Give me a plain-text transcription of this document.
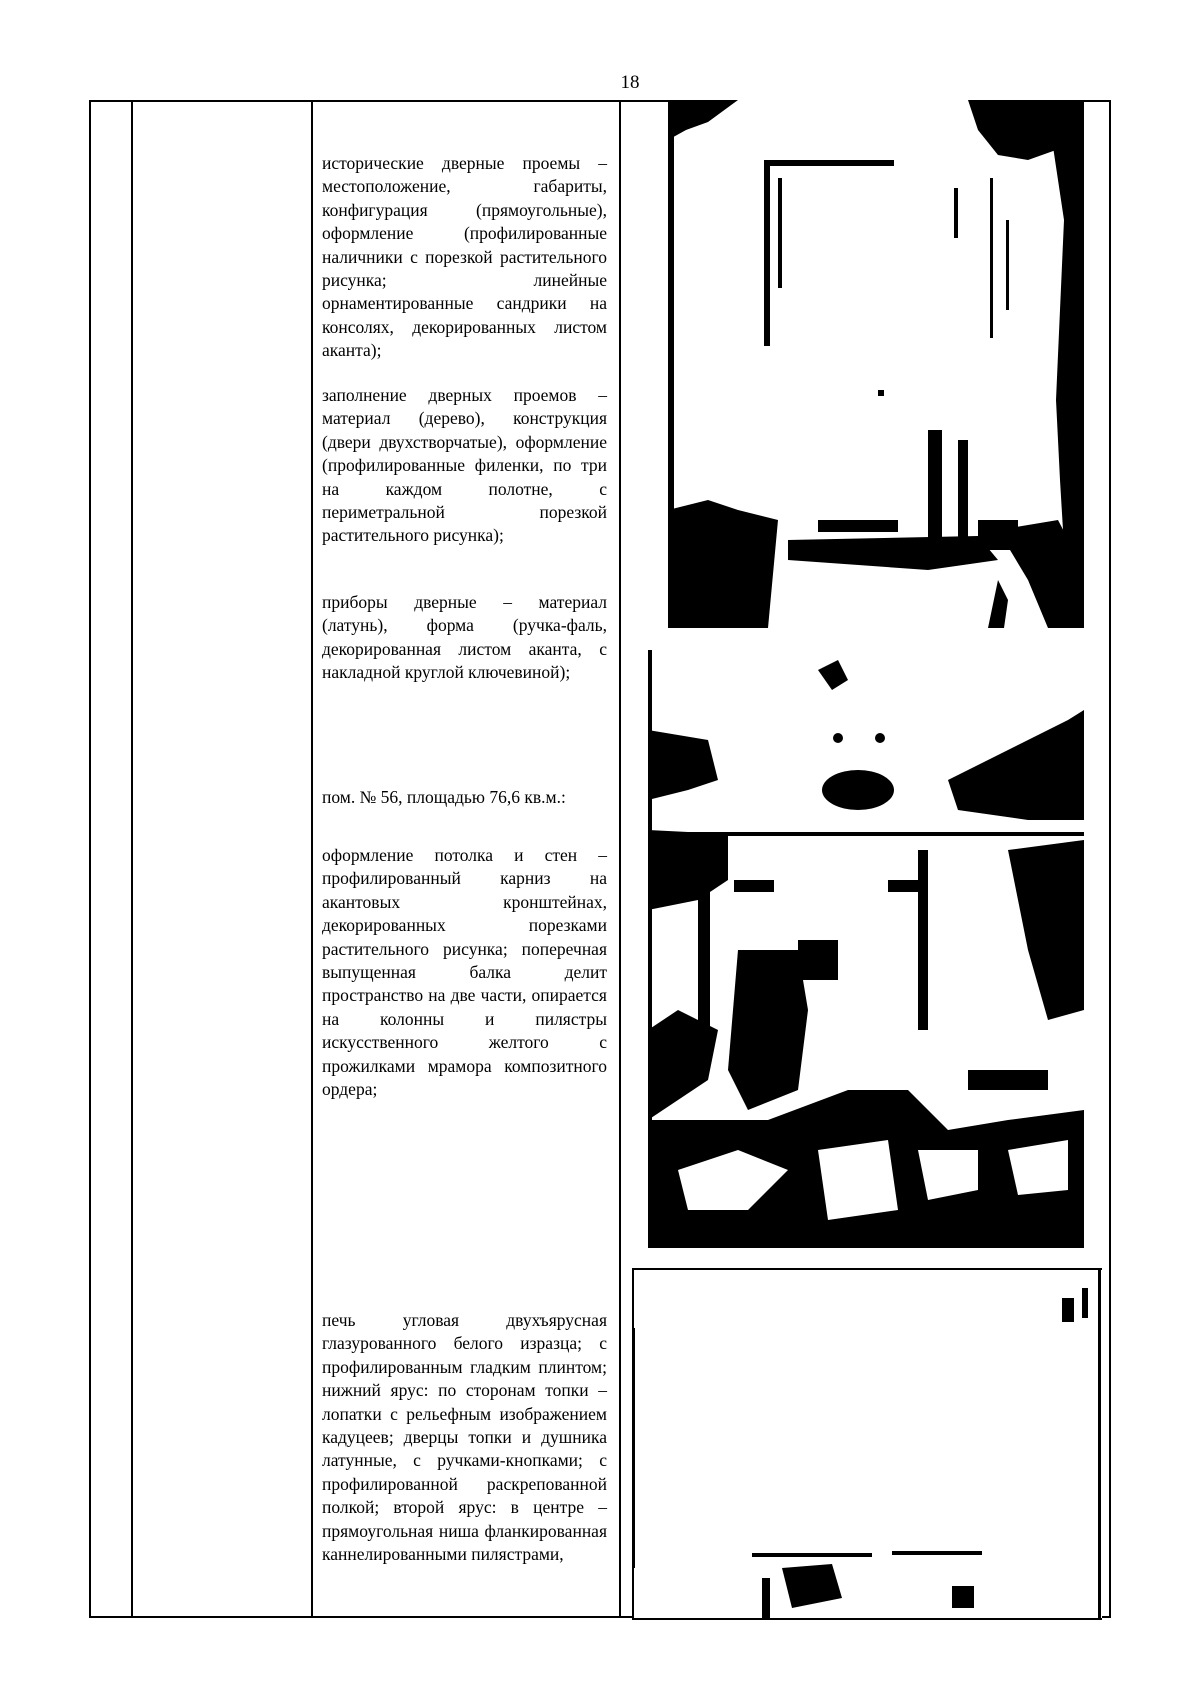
18

исторические дверные проемы – местоположение, габариты, конфигурация (прямоугольные), оформление (профилированные наличники с порезкой растительного рисунка; линейные орнаментированные сандрики на консолях, декорированных листом аканта);

заполнение дверных проемов – материал (дерево), конструкция (двери двухстворчатые), оформление (профилированные филенки, по три на каждом полотне, с периметральной порезкой растительного рисунка);

приборы дверные – материал (латунь), форма (ручка-фаль, декорированная листом аканта, с накладной круглой ключевиной);

пом. № 56, площадью 76,6 кв.м.:

оформление потолка и стен – профилированный карниз на акантовых кронштейнах, декорированных порезками растительного рисунка; поперечная выпущенная балка делит пространство на две части, опирается на колонны и пилястры искусственного желтого с прожилками мрамора композитного ордера;

печь угловая двухъярусная глазурованного белого изразца; с профилированным гладким плинтом; нижний ярус: по сторонам топки – лопатки с рельефным изображением кадуцеев; дверцы топки и душника латунные, с ручками-кнопками; с профилированной раскрепованной полкой; второй ярус: в центре – прямоугольная ниша фланкированная каннелированными пилястрами,
